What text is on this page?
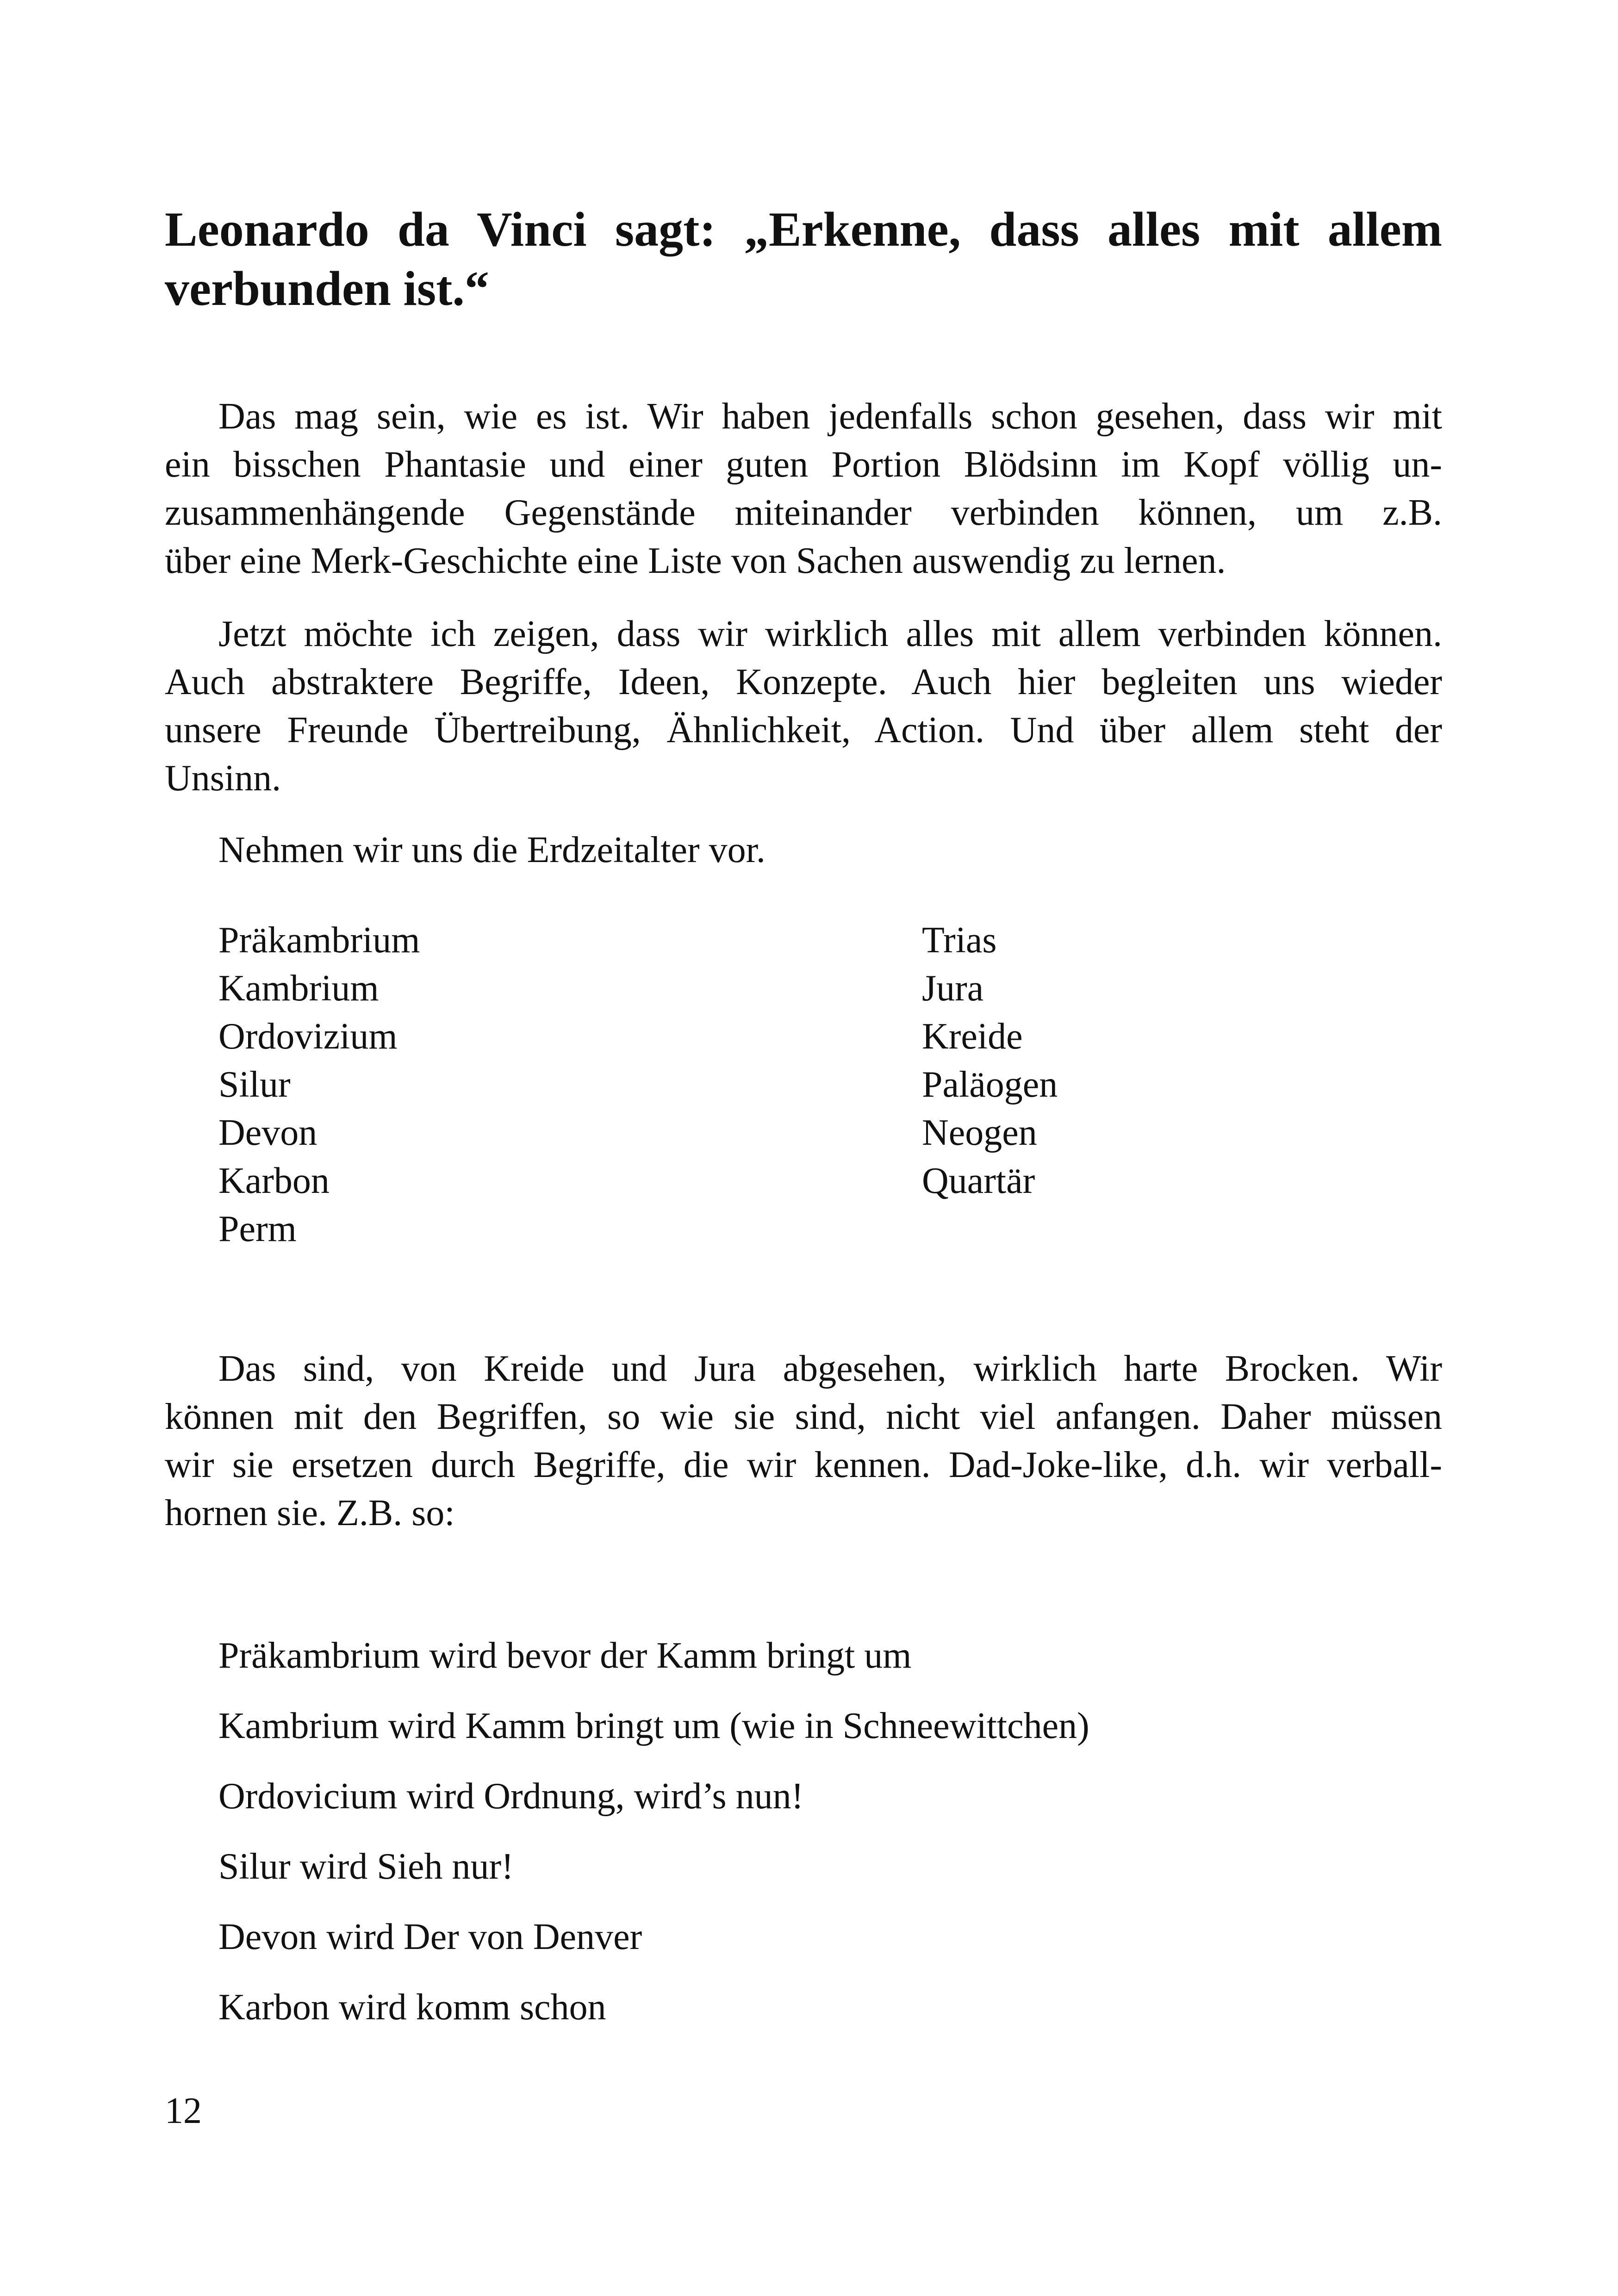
Leonardo da Vinci sagt: „Erkenne, dass alles mit allem
verbunden ist.“

Das mag sein, wie es ist. Wir haben jedenfalls schon gesehen, dass wir mit
ein bisschen Phantasie und einer guten Portion Blödsinn im Kopf völlig un-
zusammenhängende Gegenstände miteinander verbinden können, um z.B.
über eine Merk-Geschichte eine Liste von Sachen auswendig zu lernen.

Jetzt möchte ich zeigen, dass wir wirklich alles mit allem verbinden können.
Auch abstraktere Begriffe, Ideen, Konzepte. Auch hier begleiten uns wieder
unsere Freunde Übertreibung, Ähnlichkeit, Action. Und über allem steht der
Unsinn.

Nehmen wir uns die Erdzeitalter vor.

Präkambrium
Kambrium
Ordovizium
Silur
Devon
Karbon
Perm
Trias
Jura
Kreide
Paläogen
Neogen
Quartär

Das sind, von Kreide und Jura abgesehen, wirklich harte Brocken. Wir
können mit den Begriffen, so wie sie sind, nicht viel anfangen. Daher müssen
wir sie ersetzen durch Begriffe, die wir kennen. Dad-Joke-like, d.h. wir verball-
hornen sie. Z.B. so:

Präkambrium wird bevor der Kamm bringt um
Kambrium wird Kamm bringt um (wie in Schneewittchen)
Ordovicium wird Ordnung, wird’s nun!
Silur wird Sieh nur!
Devon wird Der von Denver
Karbon wird komm schon
12
